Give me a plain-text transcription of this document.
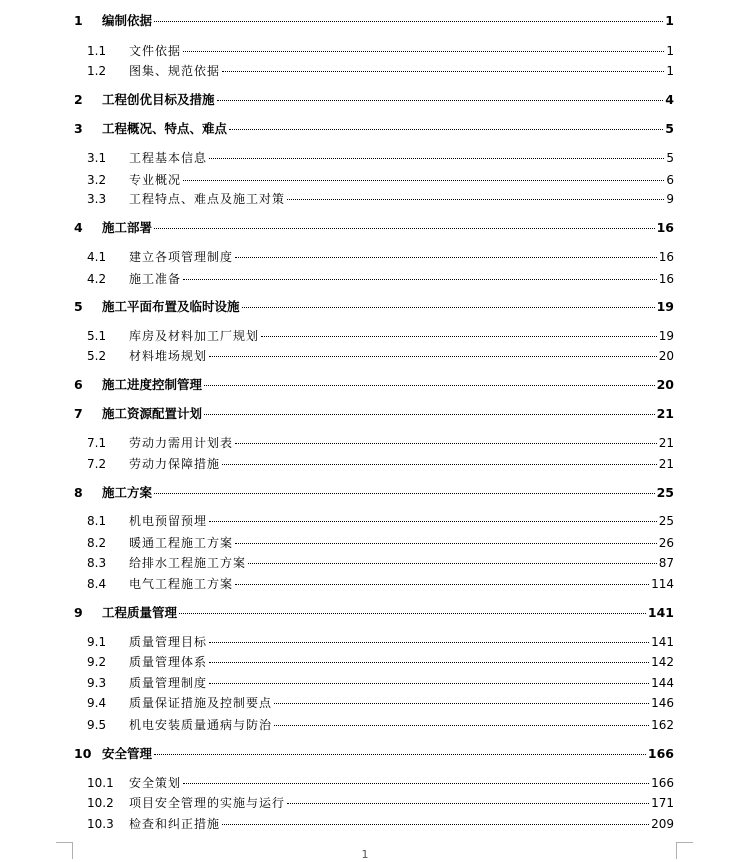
1 编制依据	1
1.1 文件依据	1
1.2 图集、规范依据	1
2 工程创优目标及措施	4
3 工程概况、特点、难点	5
3.1 工程基本信息	5
3.2 专业概况	6
3.3 工程特点、难点及施工对策	9
4 施工部署	16
4.1 建立各项管理制度	16
4.2 施工准备	16
5 施工平面布置及临时设施	19
5.1 库房及材料加工厂规划	19
5.2 材料堆场规划	20
6 施工进度控制管理	20
7 施工资源配置计划	21
7.1 劳动力需用计划表	21
7.2 劳动力保障措施	21
8 施工方案	25
8.1 机电预留预埋	25
8.2 暖通工程施工方案	26
8.3 给排水工程施工方案	87
8.4 电气工程施工方案	114
9 工程质量管理	141
9.1 质量管理目标	141
9.2 质量管理体系	142
9.3 质量管理制度	144
9.4 质量保证措施及控制要点	146
9.5 机电安装质量通病与防治	162
10 安全管理	166
10.1 安全策划	166
10.2 项目安全管理的实施与运行	171
10.3 检查和纠正措施	209
1
